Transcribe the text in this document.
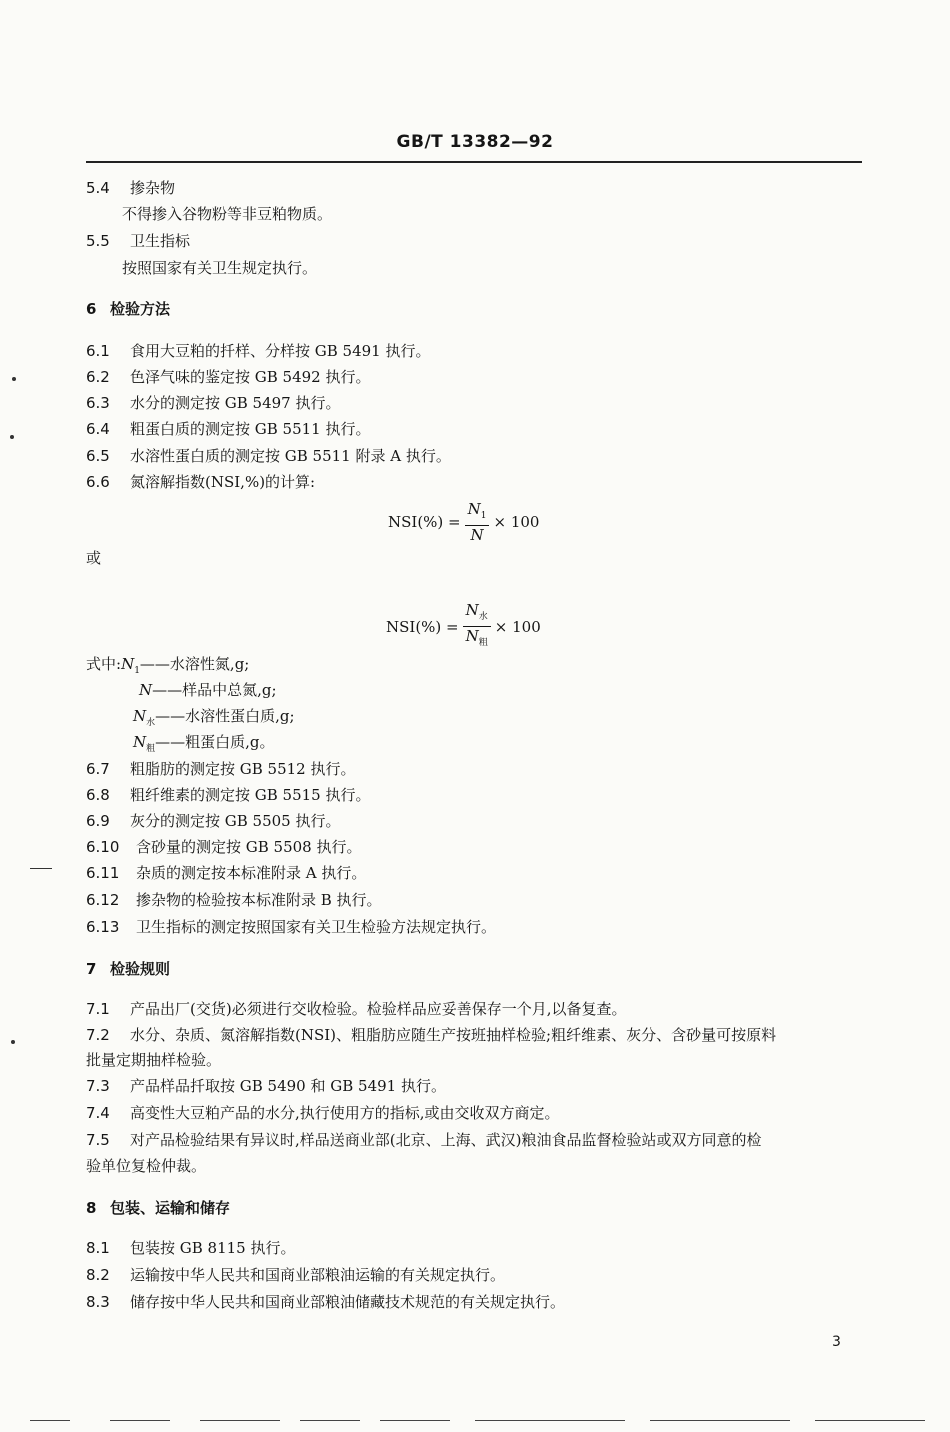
GB/T 13382—92
5.4 掺杂物
不得掺入谷物粉等非豆粕物质。
5.5 卫生指标
按照国家有关卫生规定执行。
6 检验方法
6.1 食用大豆粕的扦样、分样按 GB 5491 执行。
6.2 色泽气味的鉴定按 GB 5492 执行。
6.3 水分的测定按 GB 5497 执行。
6.4 粗蛋白质的测定按 GB 5511 执行。
6.5 水溶性蛋白质的测定按 GB 5511 附录 A 执行。
6.6 氮溶解指数(NSI,%)的计算:
$NSI(\%) = \frac{N_1}{N} \times 100$
或
$NSI(\%) = \frac{N_水}{N_粗} \times 100$
式中$:N_1——$水溶性氮,g;
N——样品中总氮,g;
$N_水——$水溶性蛋白质,g;
$N_粗——$粗蛋白质,g。
6.7 粗脂肪的测定按 GB 5512 执行。
6.8 粗纤维素的测定按 GB 5515 执行。
6.9 灰分的测定按 GB 5505 执行。
6.10 含砂量的测定按 GB 5508 执行。
6.11 杂质的测定按本标准附录 A 执行。
6.12 掺杂物的检验按本标准附录 B 执行。
6.13 卫生指标的测定按照国家有关卫生检验方法规定执行。
7 检验规则
7.1 产品出厂(交货)必须进行交收检验。检验样品应妥善保存一个月,以备复查。
7.2 水分、杂质、氮溶解指数(NSI)、粗脂肪应随生产按班抽样检验;粗纤维素、灰分、含砂量可按原料
批量定期抽样检验。
7.3 产品样品扦取按 GB 5490 和 GB 5491 执行。
7.4 高变性大豆粕产品的水分,执行使用方的指标,或由交收双方商定。
7.5 对产品检验结果有异议时,样品送商业部(北京、上海、武汉)粮油食品监督检验站或双方同意的检
验单位复检仲裁。
8 包装、运输和储存
8.1 包装按 GB 8115 执行。
8.2 运输按中华人民共和国商业部粮油运输的有关规定执行。
8.3 储存按中华人民共和国商业部粮油储藏技术规范的有关规定执行。
3
